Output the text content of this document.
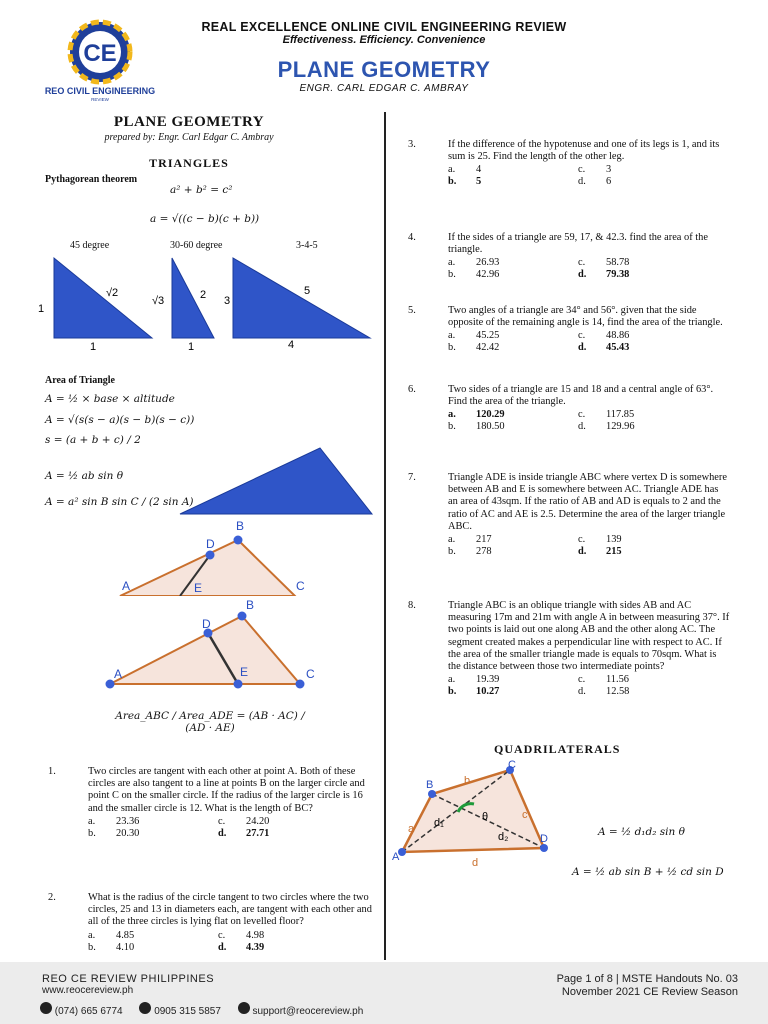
CE
REO CIVIL ENGINEERING
REVIEW
REAL EXCELLENCE ONLINE CIVIL ENGINEERING REVIEW
Effectiveness. Efficiency. Convenience
PLANE GEOMETRY
ENGR. CARL EDGAR C. AMBRAY
PLANE GEOMETRY
prepared by: Engr. Carl Edgar C. Ambray
TRIANGLES
Pythagorean theorem
a² + b² = c²
a = √((c − b)(c + b))
45 degree	30-60 degree	3-4-5
1
√2
1
√3	2
1
3
5
4
Area of Triangle
A = ½ × base × altitude
A = √(s(s − a)(s − b)(s − c))
s = (a + b + c) / 2
A = ½ ab sin θ
A = a² sin B sin C / (2 sin A)
B
D
A	E	C
A
B
C
D
E
Area_ABC / Area_ADE = (AB · AC) / (AD · AE)
1.	Two circles are tangent with each other at point A. Both of these circles are also tangent to a line at points B on the larger circle and point C on the smaller circle. If the radius of the larger circle is 16 and the smaller circle is 12. What is the length of BC?
a. 23.36	c. 24.20
b. 20.30	d. 27.71
2.	What is the radius of the circle tangent to two circles where the two circles, 25 and 13 in diameters each, are tangent with each other and all of the three circles is lying flat on levelled floor?
a. 4.85	c. 4.98
b. 4.10	d. 4.39
3.	If the difference of the hypotenuse and one of its legs is 1, and its sum is 25. Find the length of the other leg.
a. 4	c. 3
b. 5	d. 6
4.	If the sides of a triangle are 59, 17, & 42.3. find the area of the triangle.
a. 26.93	c. 58.78
b. 42.96	d. 79.38
5.	Two angles of a triangle are 34° and 56°. given that the side opposite of the remaining angle is 14, find the area of the triangle.
a. 45.25	c. 48.86
b. 42.42	d. 45.43
6.	Two sides of a triangle are 15 and 18 and a central angle of 63°. Find the area of the triangle.
a. 120.29	c. 117.85
b. 180.50	d. 129.96
7.	Triangle ADE is inside triangle ABC where vertex D is somewhere between AB and E is somewhere between AC. Triangle ADE has an area of 43sqm. If the ratio of AB and AD is equals to 2 and the ratio of AC and AE is 2.5. Determine the area of the larger triangle ABC.
a. 217	c. 139
b. 278	d. 215
8.	Triangle ABC is an oblique triangle with sides AB and AC measuring 17m and 21m with angle A in between measuring 37°. If two points is laid out one along AB and the other along AC. The segment created makes a perpendicular line with respect to AC. If the area of the smaller triangle made is equals to 70sqm. What is the distance between those two intermediate points?
a. 19.39	c. 11.56
b. 10.27	d. 12.58
QUADRILATERALS
A
B
C
D
a
b
c
d
d₁
d₂
θ
A = ½ d₁d₂ sin θ
A = ½ ab sin B + ½ cd sin D
REO CE REVIEW PHILIPPINES
www.reocereview.ph
(074) 665 6774	0905 315 5857	support@reocereview.ph
Page 1 of 8 | MSTE Handouts No. 03
November 2021 CE Review Season
